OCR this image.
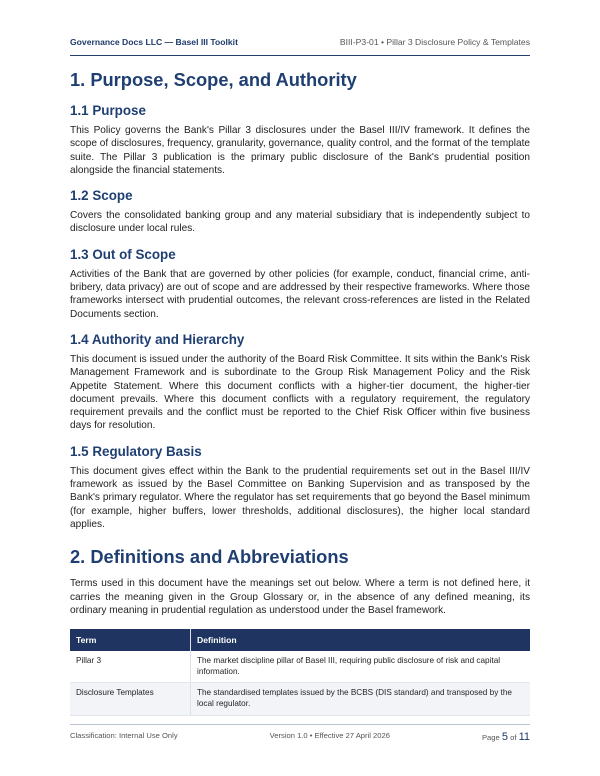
Governance Docs LLC — Basel III Toolkit	BIII-P3-01 • Pillar 3 Disclosure Policy & Templates
1. Purpose, Scope, and Authority
1.1 Purpose

This Policy governs the Bank's Pillar 3 disclosures under the Basel III/IV framework. It defines the scope of disclosures, frequency, granularity, governance, quality control, and the format of the template suite. The Pillar 3 publication is the primary public disclosure of the Bank's prudential position alongside the financial statements.

1.2 Scope

Covers the consolidated banking group and any material subsidiary that is independently subject to disclosure under local rules.

1.3 Out of Scope

Activities of the Bank that are governed by other policies (for example, conduct, financial crime, anti-bribery, data privacy) are out of scope and are addressed by their respective frameworks. Where those frameworks intersect with prudential outcomes, the relevant cross-references are listed in the Related Documents section.

1.4 Authority and Hierarchy

This document is issued under the authority of the Board Risk Committee. It sits within the Bank's Risk Management Framework and is subordinate to the Group Risk Management Policy and the Risk Appetite Statement. Where this document conflicts with a higher-tier document, the higher-tier document prevails. Where this document conflicts with a regulatory requirement, the regulatory requirement prevails and the conflict must be reported to the Chief Risk Officer within five business days for resolution.

1.5 Regulatory Basis

This document gives effect within the Bank to the prudential requirements set out in the Basel III/IV framework as issued by the Basel Committee on Banking Supervision and as transposed by the Bank's primary regulator. Where the regulator has set requirements that go beyond the Basel minimum (for example, higher buffers, lower thresholds, additional disclosures), the higher local standard applies.

2. Definitions and Abbreviations

Terms used in this document have the meanings set out below. Where a term is not defined here, it carries the meaning given in the Group Glossary or, in the absence of any defined meaning, its ordinary meaning in prudential regulation as understood under the Basel framework.

Term	Definition
Pillar 3	The market discipline pillar of Basel III, requiring public disclosure of risk and capital information.
Disclosure Templates	The standardised templates issued by the BCBS (DIS standard) and transposed by the local regulator.
Classification: Internal Use Only	Version 1.0 • Effective 27 April 2026	Page 5 of 11
